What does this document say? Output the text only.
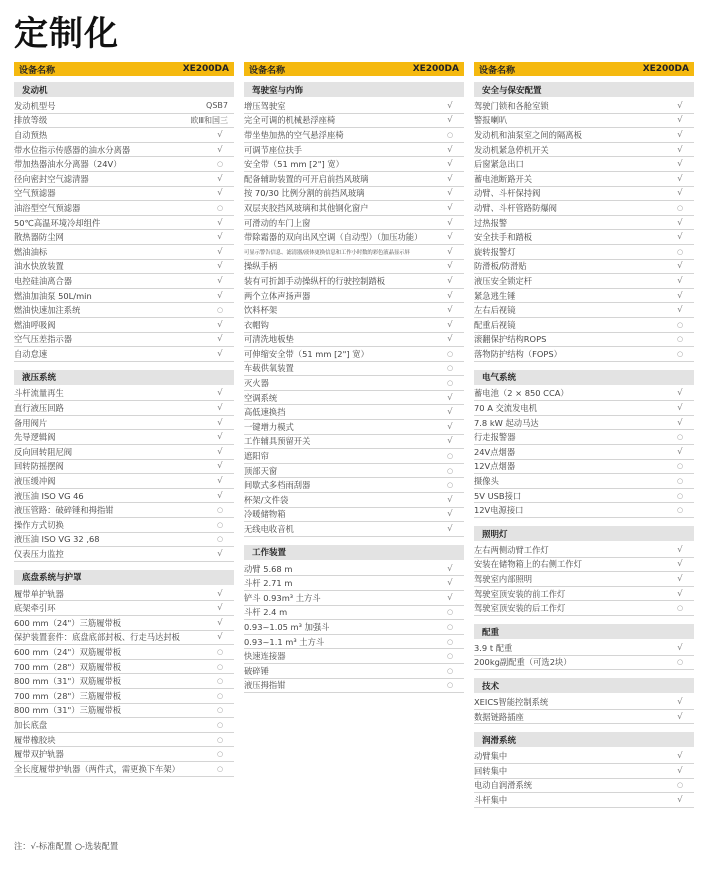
定制化
设备名称	XE200DA
发动机
发动机型号	QSB7
排放等级	欧Ⅲ和国三
自动预热	√
带水位指示传感器的油水分离器	√
带加热器油水分离器（24V）	○
径向密封空气滤清器	√
空气预滤器	√
油浴型空气预滤器	○
50℃高温环境冷却组件	√
散热器防尘网	√
燃油油标	√
油水快放装置	√
电控硅油离合器	√
燃油加油泵 50L/min	√
燃油快速加注系统	○
燃油呼吸阀	√
空气压差指示器	√
自动怠速	√
液压系统
斗杆流量再生	√
直行液压回路	√
备用阀片	√
先导逻辑阀	√
反向回转阻尼阀	√
回转防摇摆阀	√
液压缓冲阀	√
液压油 ISO VG 46	√
液压管路：破碎锤和拇指钳	○
操作方式切换	○
液压油 ISO VG 32 ,68	○
仪表压力监控	√
底盘系统与护罩
履带单护轨器	√
底架牵引环	√
600 mm（24"）三筋履带板	√
保护装置套件：底盘底部封板、行走马达封板	√
600 mm（24"）双筋履带板	○
700 mm（28"）双筋履带板	○
800 mm（31"）双筋履带板	○
700 mm（28"）三筋履带板	○
800 mm（31"）三筋履带板	○
加长底盘	○
履带橡胶块	○
履带双护轨器	○
全长度履带护轨器（两件式，需更换下车架）	○
设备名称	XE200DA
驾驶室与内饰
增压驾驶室	√
完全可调的机械悬浮座椅	√
带坐垫加热的空气悬浮座椅	○
可调节座位扶手	√
安全带（51 mm [2"] 宽）	√
配备辅助装置的可开启前挡风玻璃	√
按 70/30 比例分割的前挡风玻璃	√
双层夹胶挡风玻璃和其他钢化窗户	√
可滑动的车门上窗	√
带除霜器的双向出风空调（自动型）（加压功能）	√
可显示警告信息、滤清器/液体更换信息和工作小时数的彩色液晶显示屏	√
操纵手柄	√
装有可折卸手动操纵杆的行驶控制踏板	√
两个立体声扬声器	√
饮料杯架	√
衣帽钩	√
可清洗地板垫	√
可伸缩安全带（51 mm [2"] 宽）	○
车载供氧装置	○
灭火器	○
空调系统	√
高低速换挡	√
一键增力模式	√
工作辅具预留开关	√
遮阳帘	○
顶部天窗	○
间歇式多档雨刮器	○
杯架/文件袋	√
冷暖储物箱	√
无线电收音机	√
工作装置
动臂 5.68 m	√
斗杆 2.71 m	√
铲斗 0.93m³ 土方斗	√
斗杆 2.4 m	○
0.93~1.05 m³ 加强斗	○
0.93~1.1 m³ 土方斗	○
快速连接器	○
破碎锤	○
液压拇指钳	○
设备名称	XE200DA
安全与保安配置
驾驶门锁和各舱室锁	√
警报喇叭	√
发动机和油泵室之间的隔离板	√
发动机紧急停机开关	√
后窗紧急出口	√
蓄电池断路开关	√
动臂、斗杆保持阀	√
动臂、斗杆管路防爆阀	○
过热报警	√
安全扶手和踏板	√
旋转报警灯	○
防滑板/防滑贴	√
液压安全锁定杆	√
紧急逃生锤	√
左右后视镜	√
配重后视镜	○
滚翻保护结构ROPS	○
落物防护结构（FOPS）	○
电气系统
蓄电池（2 × 850 CCA）	√
70 A 交流发电机	√
7.8 kW 起动马达	√
行走报警器	○
24V点烟器	√
12V点烟器	○
摄像头	○
5V USB接口	○
12V电源接口	○
照明灯
左右两侧动臂工作灯	√
安装在储物箱上的右侧工作灯	√
驾驶室内部照明	√
驾驶室顶安装的前工作灯	√
驾驶室顶安装的后工作灯	○
配重
3.9 t 配重	√
200kg副配重（可选2块）	○
技术
XEICS智能控制系统	√
数据链路插座	√
润滑系统
动臂集中	√
回转集中	√
电动自润滑系统	○
斗杆集中	√
注：√-标准配置 ○-选装配置
